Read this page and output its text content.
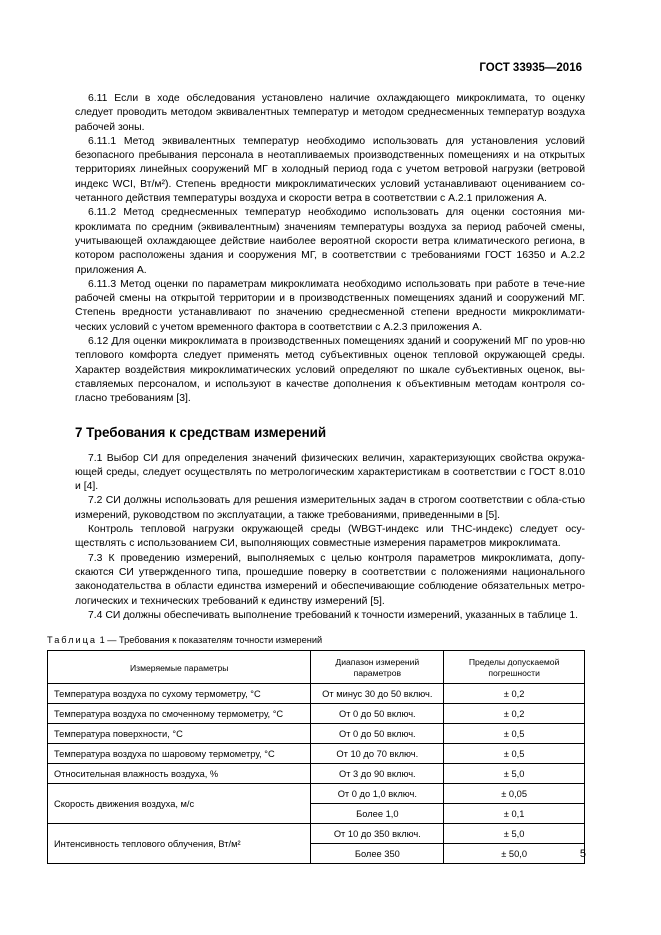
ГОСТ 33935—2016

6.11 Если в ходе обследования установлено наличие охлаждающего микроклимата, то оценку следует проводить методом эквивалентных температур и методом среднесменных температур воздуха рабочей зоны.

6.11.1 Метод эквивалентных температур необходимо использовать для установления условий безопасного пребывания персонала в неотапливаемых производственных помещениях и на открытых территориях линейных сооружений МГ в холодный период года с учетом ветровой нагрузки (ветровой индекс WCI, Вт/м²). Степень вредности микроклиматических условий устанавливают оцениванием со-четанного действия температуры воздуха и скорости ветра в соответствии с А.2.1 приложения А.

6.11.2 Метод среднесменных температур необходимо использовать для оценки состояния ми-кроклимата по средним (эквивалентным) значениям температуры воздуха за период рабочей смены, учитывающей охлаждающее действие наиболее вероятной скорости ветра климатического региона, в котором расположены здания и сооружения МГ, в соответствии с требованиями ГОСТ 16350 и А.2.2 приложения А.

6.11.3 Метод оценки по параметрам микроклимата необходимо использовать при работе в тече-ние рабочей смены на открытой территории и в производственных помещениях зданий и сооружений МГ. Степень вредности устанавливают по значению среднесменной степени вредности микроклимати-ческих условий с учетом временного фактора в соответствии с А.2.3 приложения А.

6.12 Для оценки микроклимата в производственных помещениях зданий и сооружений МГ по уров-ню теплового комфорта следует применять метод субъективных оценок тепловой окружающей среды. Характер воздействия микроклиматических условий определяют по шкале субъективных оценок, вы-ставляемых персоналом, и используют в качестве дополнения к объективным методам контроля со-гласно требованиям [3].

7 Требования к средствам измерений

7.1 Выбор СИ для определения значений физических величин, характеризующих свойства окружа-ющей среды, следует осуществлять по метрологическим характеристикам в соответствии с ГОСТ 8.010 и [4].

7.2 СИ должны использовать для решения измерительных задач в строгом соответствии с обла-стью измерений, руководством по эксплуатации, а также требованиями, приведенными в [5].

Контроль тепловой нагрузки окружающей среды (WBGT-индекс или ТНС-индекс) следует осу-ществлять с использованием СИ, выполняющих совместные измерения параметров микроклимата.

7.3 К проведению измерений, выполняемых с целью контроля параметров микроклимата, допу-скаются СИ утвержденного типа, прошедшие поверку в соответствии с положениями национального законодательства в области единства измерений и обеспечивающие соблюдение обязательных метро-логических и технических требований к единству измерений [5].

7.4 СИ должны обеспечивать выполнение требований к точности измерений, указанных в таблице 1.

Таблица 1 — Требования к показателям точности измерений
Измеряемые параметры	Диапазон измерений параметров	Пределы допускаемой погрешности
Температура воздуха по сухому термометру, °С	От минус 30 до 50 включ.	± 0,2
Температура воздуха по смоченному термометру, °С	От 0 до 50 включ.	± 0,2
Температура поверхности, °С	От 0 до 50 включ.	± 0,5
Температура воздуха по шаровому термометру, °С	От 10 до 70 включ.	± 0,5
Относительная влажность воздуха, %	От 3 до 90 включ.	± 5,0
Скорость движения воздуха, м/с	От 0 до 1,0 включ.	± 0,05
	Более 1,0	± 0,1
Интенсивность теплового облучения, Вт/м²	От 10 до 350 включ.	± 5,0
	Более 350	± 50,0	5
